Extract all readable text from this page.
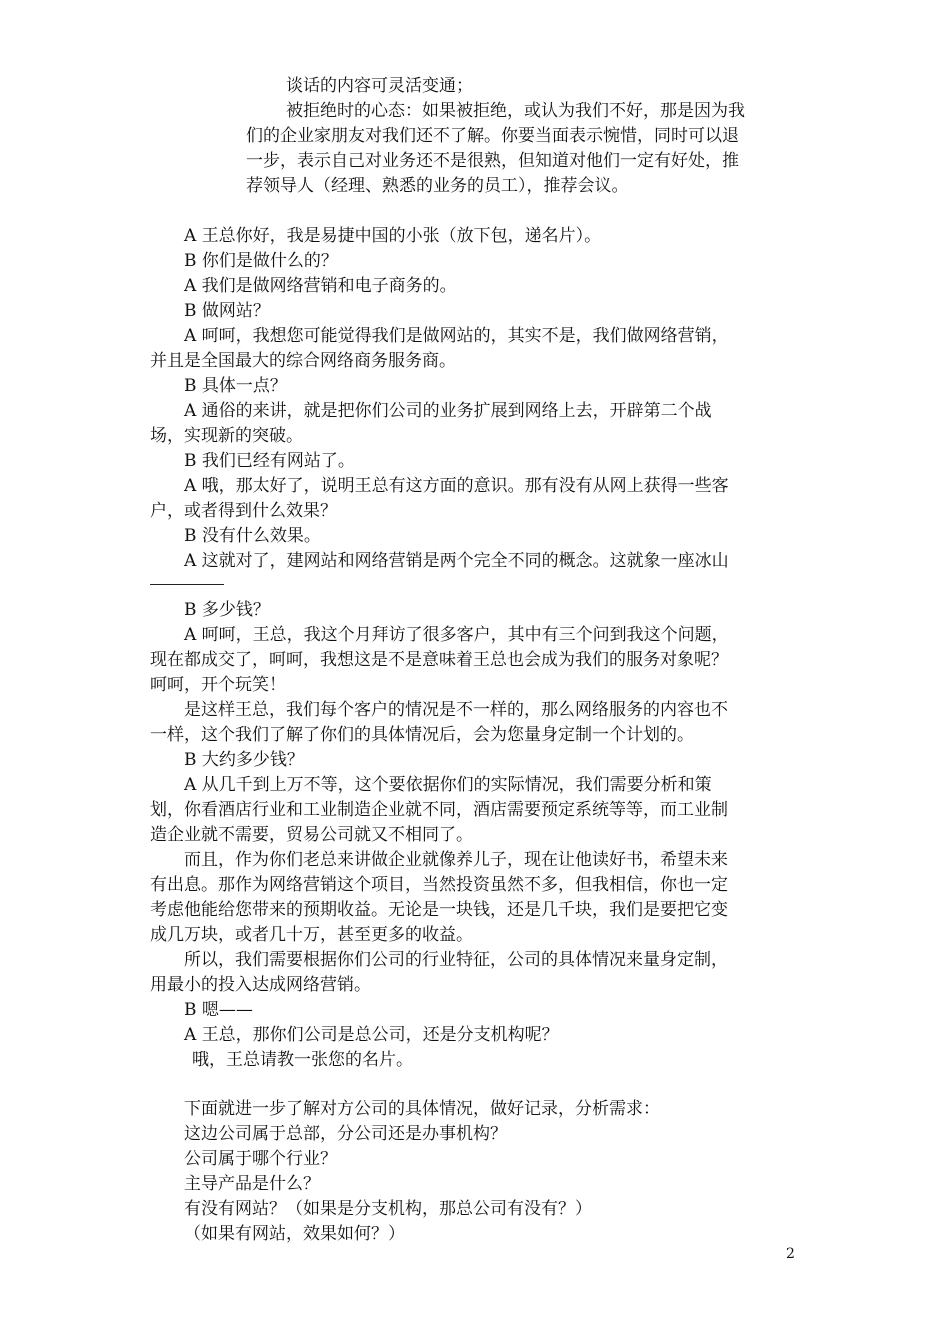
谈话的内容可灵活变通；
被拒绝时的心态：如果被拒绝，或认为我们不好，那是因为我
们的企业家朋友对我们还不了解。你要当面表示惋惜，同时可以退
一步，表示自己对业务还不是很熟，但知道对他们一定有好处，推
荐领导人（经理、熟悉的业务的员工），推荐会议。
A 王总你好，我是易捷中国的小张（放下包，递名片）。
B 你们是做什么的？
A 我们是做网络营销和电子商务的。
B 做网站？
A 呵呵，我想您可能觉得我们是做网站的，其实不是，我们做网络营销，
并且是全国最大的综合网络商务服务商。
B 具体一点？
A 通俗的来讲，就是把你们公司的业务扩展到网络上去，开辟第二个战
场，实现新的突破。
B 我们已经有网站了。
A 哦，那太好了，说明王总有这方面的意识。那有没有从网上获得一些客
户，或者得到什么效果？
B 没有什么效果。
A 这就对了，建网站和网络营销是两个完全不同的概念。这就象一座冰山
B 多少钱？
A 呵呵，王总，我这个月拜访了很多客户，其中有三个问到我这个问题，
现在都成交了，呵呵，我想这是不是意味着王总也会成为我们的服务对象呢？
呵呵，开个玩笑！
是这样王总，我们每个客户的情况是不一样的，那么网络服务的内容也不
一样，这个我们了解了你们的具体情况后，会为您量身定制一个计划的。
B 大约多少钱？
A 从几千到上万不等，这个要依据你们的实际情况，我们需要分析和策
划，你看酒店行业和工业制造企业就不同，酒店需要预定系统等等，而工业制
造企业就不需要，贸易公司就又不相同了。
而且，作为你们老总来讲做企业就像养儿子，现在让他读好书，希望未来
有出息。那作为网络营销这个项目，当然投资虽然不多，但我相信，你也一定
考虑他能给您带来的预期收益。无论是一块钱，还是几千块，我们是要把它变
成几万块，或者几十万，甚至更多的收益。
所以，我们需要根据你们公司的行业特征，公司的具体情况来量身定制，
用最小的投入达成网络营销。
B 嗯——
A 王总，那你们公司是总公司，还是分支机构呢？
哦，王总请教一张您的名片。
下面就进一步了解对方公司的具体情况，做好记录，分析需求：
这边公司属于总部，分公司还是办事机构？
公司属于哪个行业？
主导产品是什么？
有没有网站？（如果是分支机构，那总公司有没有？）
（如果有网站，效果如何？）
2
